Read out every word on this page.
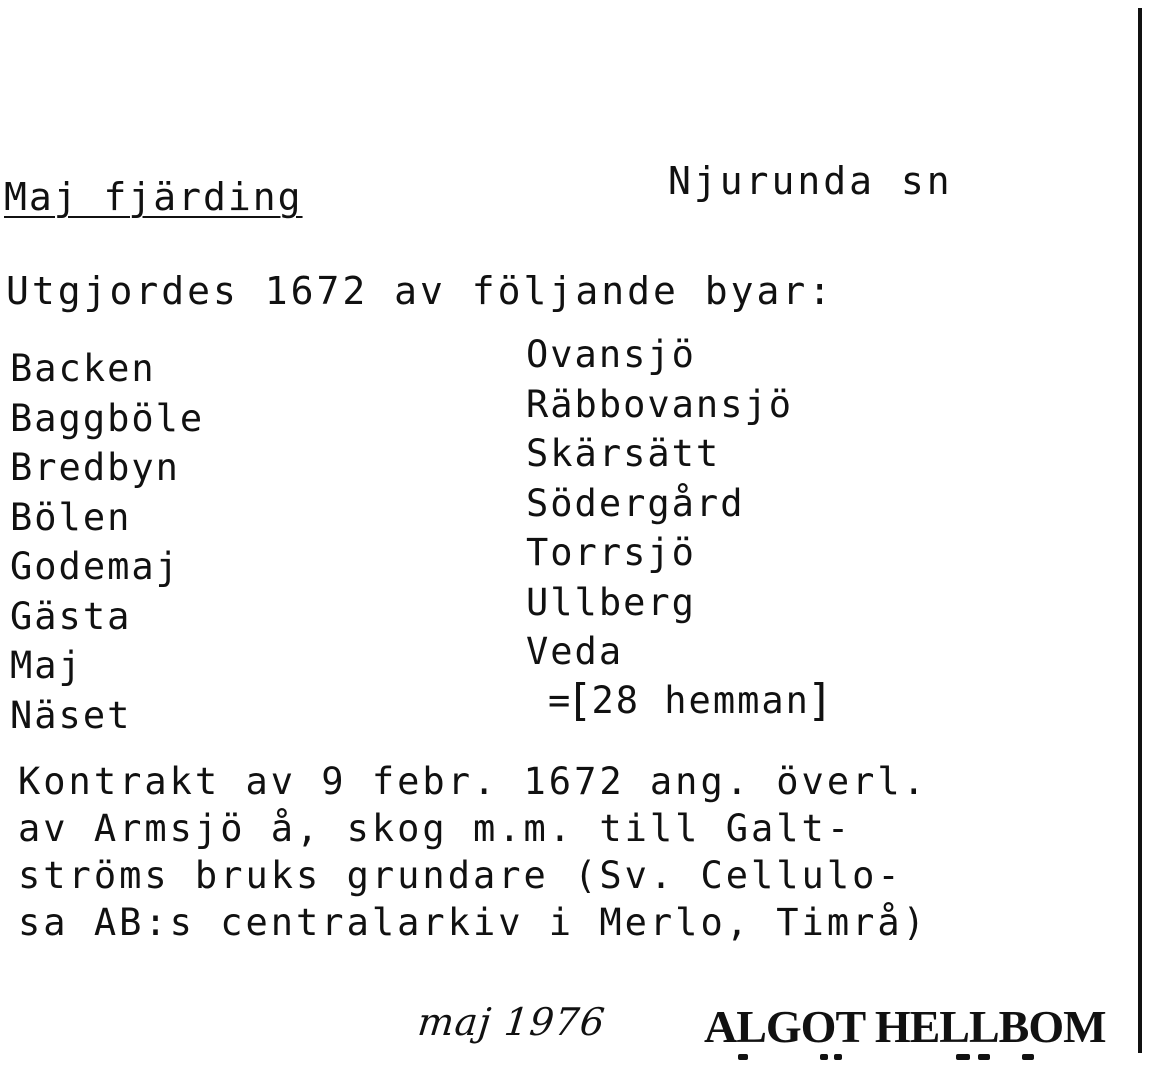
Maj fjärding	Njurunda sn
Utgjordes 1672 av följande byar:
Backen
Baggböle
Bredbyn
Bölen
Godemaj
Gästa
Maj
Näset
Ovansjö
Räbbovansjö
Skärsätt
Södergård
Torrsjö
Ullberg
Veda
=[28 hemman]
Kontrakt av 9 febr. 1672 ang. överl.
av Armsjö å, skog m.m. till Galt-
ströms bruks grundare (Sv. Cellulo-
sa AB:s centralarkiv i Merlo, Timrå)
maj 1976 ALGOT HELLBOM
